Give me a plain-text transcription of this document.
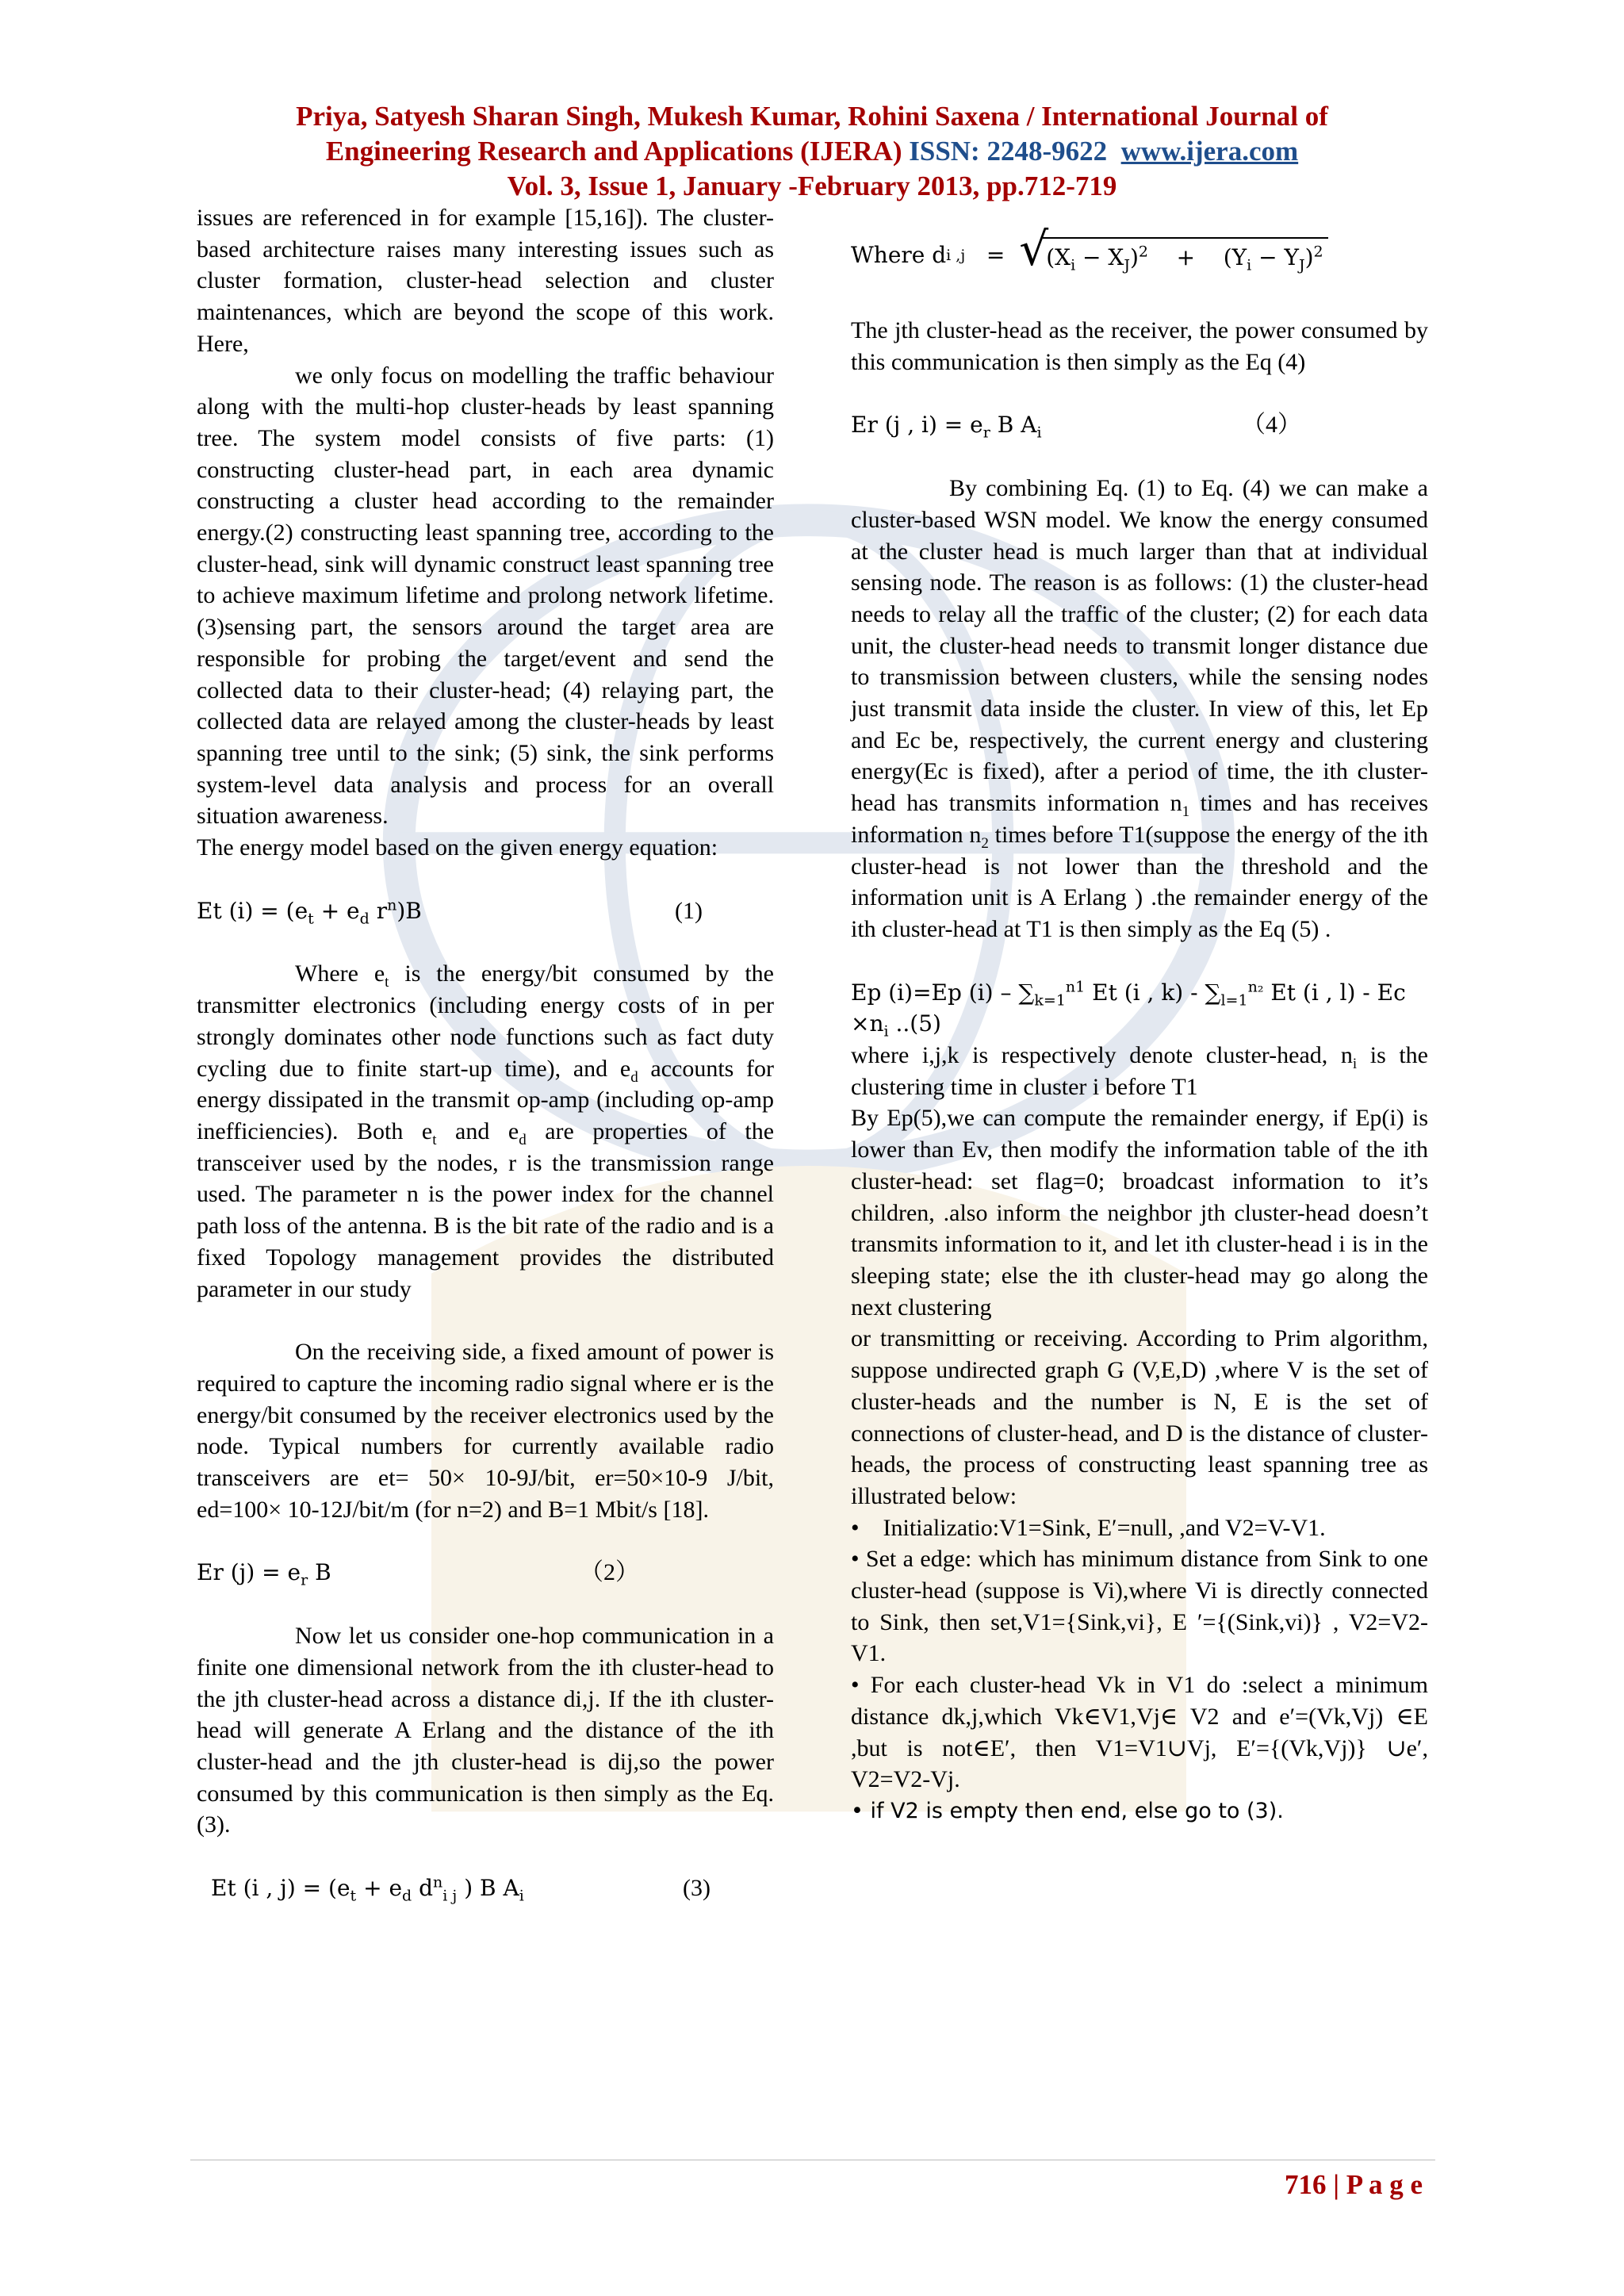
Priya, Satyesh Sharan Singh, Mukesh Kumar, Rohini Saxena / International Journal of
Engineering Research and Applications (IJERA) ISSN: 2248-9622 www.ijera.com
Vol. 3, Issue 1, January -February 2013, pp.712-719

issues are referenced in for example [15,16]). The cluster-based architecture raises many interesting issues such as cluster formation, cluster-head selection and cluster maintenances, which are beyond the scope of this work. Here,

we only focus on modelling the traffic behaviour along with the multi-hop cluster-heads by least spanning tree. The system model consists of five parts: (1) constructing cluster-head part, in each area dynamic constructing a cluster head according to the remainder energy.(2) constructing least spanning tree, according to the cluster-head, sink will dynamic construct least spanning tree to achieve maximum lifetime and prolong network lifetime.(3)sensing part, the sensors around the target area are responsible for probing the target/event and send the collected data to their cluster-head; (4) relaying part, the collected data are relayed among the cluster-heads by least spanning tree until to the sink; (5) sink, the sink performs system-level data analysis and process for an overall situation awareness.

The energy model based on the given energy equation:

Et $(i) = (e_t + e_d$ $r^n)B$	(1)

Where $e_t$ is the energy/bit consumed by the transmitter electronics (including energy costs of in per strongly dominates other node functions such as fact duty cycling due to finite start-up time), and $e_d$ accounts for energy dissipated in the transmit op-amp (including op-amp inefficiencies). Both $e_t$ and $e_d$ are properties of the transceiver used by the nodes, r is the transmission range used. The parameter n is the power index for the channel path loss of the antenna. B is the bit rate of the radio and is a fixed Topology management provides the distributed parameter in our study

On the receiving side, a fixed amount of power is required to capture the incoming radio signal where er is the energy/bit consumed by the receiver electronics used by the node. Typical numbers for currently available radio transceivers are et= 50× 10-9J/bit, er=50×10-9 J/bit, ed=100× 10-12J/bit/m (for n=2) and B=1 Mbit/s [18].

Er $(j) = e_r$ B	（2）

Now let us consider one-hop communication in a finite one dimensional network from the ith cluster-head to the jth cluster-head across a distance di,j. If the ith cluster-head will generate A Erlang and the distance of the ith cluster-head and the jth cluster-head is dij,so the power consumed by this communication is then simply as the Eq. (3).

Et (i , $j) = (e_t + e_d$ $d^n_{i j}$ ) B $A_i$	(3)
Where d i ,j
=
√
$(X_i - X_J)^2 + (Y_i - Y_J)^2$

The jth cluster-head as the receiver, the power consumed by this communication is then simply as the Eq (4)

Er (j , $i) = e_r$ B $A_i$	（4）

By combining Eq. (1) to Eq. (4) we can make a cluster-based WSN model. We know the energy consumed at the cluster head is much larger than that at individual sensing node. The reason is as follows: (1) the cluster-head needs to relay all the traffic of the cluster; (2) for each data unit, the cluster-head needs to transmit longer distance due to transmission between clusters, while the sensing nodes just transmit data inside the cluster. In view of this, let Ep and Ec be, respectively, the current energy and clustering energy(Ec is fixed), after a period of time, the ith cluster-head has transmits information $n_1$ times and has receives information $n_2$ times before T1(suppose the energy of the ith cluster-head is not lower than the threshold and the information unit is A Erlang ) .the remainder energy of the ith cluster-head at T1 is then simply as the Eq (5) .

Ep (i)=Ep $(i) - \sum_{k=1}^{n1}$ Et (i , $k) - \sum_{l=1}^{n_2}$ Et (i , l) - Ec
$\times n_i$ ..(5)

where i,j,k is respectively denote cluster-head, $n_i$ is the clustering time in cluster i before T1

By Ep(5),we can compute the remainder energy, if Ep(i) is lower than Ev, then modify the information table of the ith cluster-head: set flag=0; broadcast information to it’s children, .also inform the neighbor jth cluster-head doesn’t transmits information to it, and let ith cluster-head i is in the sleeping state; else the ith cluster-head may go along the next clustering

or transmitting or receiving. According to Prim algorithm, suppose undirected graph G (V,E,D) ,where V is the set of cluster-heads and the number is N, E is the set of connections of cluster-head, and D is the distance of cluster-heads, the process of constructing least spanning tree as illustrated below:

•    Initializatio:V1=Sink, E′=null, ,and V2=V-V1.

• Set a edge: which has minimum distance from Sink to one cluster-head (suppose is Vi),where Vi is directly connected to Sink, then set,V1={Sink,vi}, E ′={(Sink,vi)} , V2=V2-V1.

• For each cluster-head Vk in V1 do :select a minimum distance dk,j,which Vk∈V1,Vj∈ V2 and e′=(Vk,Vj) ∈E ,but is not∈E′, then V1=V1∪Vj, E′={(Vk,Vj)} ∪e′, V2=V2-Vj.

• if V2 is empty then end, else go to (3).

716 | P a g e
